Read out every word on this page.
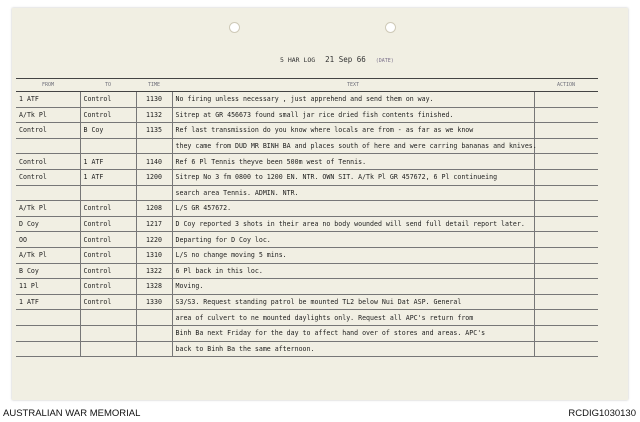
5 HAR LOG 21 Sep 66 (DATE)
FROM	TO	TIME	TEXT	ACTION
1 ATF	Control	1130	No firing unless necessary , just apprehend and send them on way.	
A/Tk Pl	Control	1132	Sitrep at GR 456673 found small jar rice dried fish contents finished.	
Control	B Coy	1135	Ref last transmission do you know where locals are from - as far as we know	
			they came from DUD MR BINH BA and places south of here and were carring bananas and knives.	
Control	1 ATF	1140	Ref 6 Pl Tennis theyve been 500m west of Tennis.	
Control	1 ATF	1200	Sitrep No 3 fm 0800 to 1200 EN. NTR. OWN SIT. A/Tk Pl GR 457672, 6 Pl continueing	
			search area Tennis. ADMIN. NTR.	
A/Tk Pl	Control	1208	L/S GR 457672.	
D Coy	Control	1217	D Coy reported 3 shots in their area no body wounded will send full detail report later.	
OO	Control	1220	Departing for D Coy loc.	
A/Tk Pl	Control	1310	L/S no change moving 5 mins.	
B Coy	Control	1322	6 Pl back in this loc.	
11 Pl	Control	1328	Moving.	
1 ATF	Control	1330	S3/S3. Request standing patrol be mounted TL2 below Nui Dat ASP. General	
			area of culvert to ne mounted daylights only. Request all APC's return from	
			Binh Ba next Friday for the day to affect hand over of stores and areas. APC's	
			back to Binh Ba the same afternoon.	
AUSTRALIAN WAR MEMORIAL	RCDIG1030130
